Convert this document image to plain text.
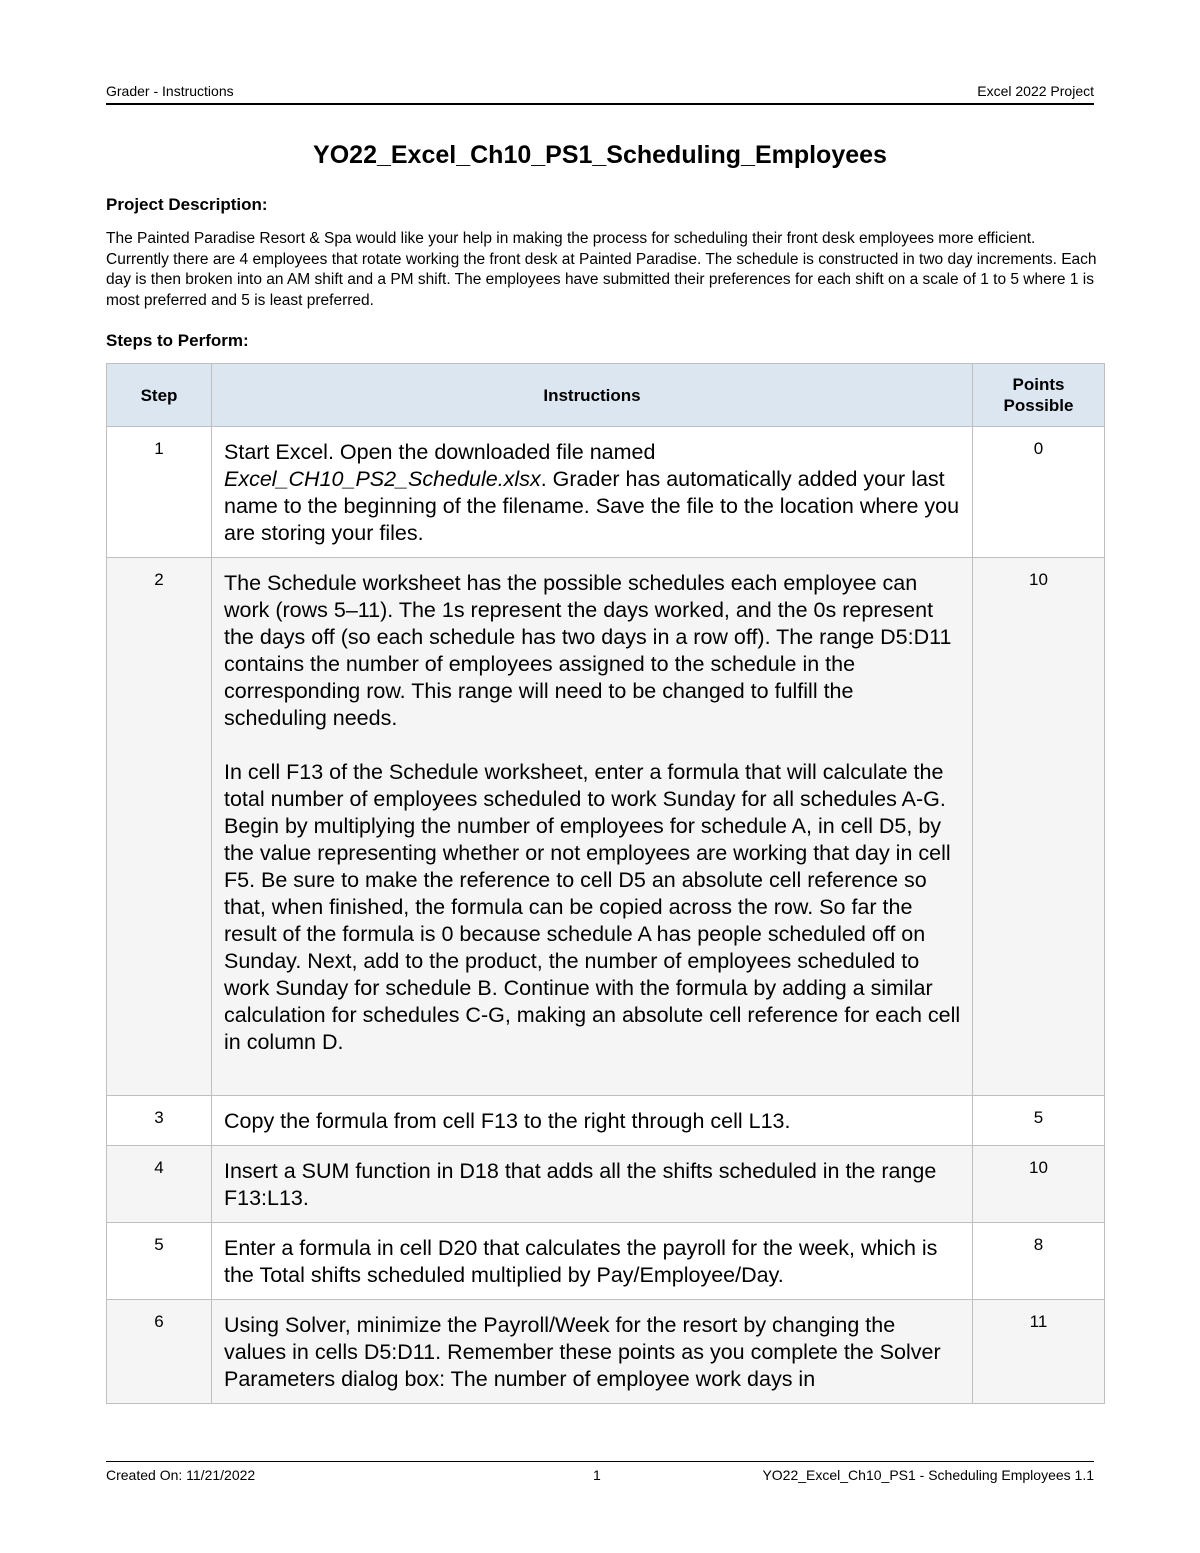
Grader - Instructions	Excel 2022 Project
YO22_Excel_Ch10_PS1_Scheduling_Employees
Project Description:
The Painted Paradise Resort & Spa would like your help in making the process for scheduling their front desk employees more efficient. Currently there are 4 employees that rotate working the front desk at Painted Paradise. The schedule is constructed in two day increments. Each day is then broken into an AM shift and a PM shift. The employees have submitted their preferences for each shift on a scale of 1 to 5 where 1 is most preferred and 5 is least preferred.
Steps to Perform:
Step	Instructions	Points Possible

1	Start Excel. Open the downloaded file named Excel_CH10_PS2_Schedule.xlsx. Grader has automatically added your last name to the beginning of the filename. Save the file to the location where you are storing your files.	0
2	The Schedule worksheet has the possible schedules each employee can work (rows 5–11). The 1s represent the days worked, and the 0s represent the days off (so each schedule has two days in a row off). The range D5:D11 contains the number of employees assigned to the schedule in the corresponding row. This range will need to be changed to fulfill the scheduling needs.
In cell F13 of the Schedule worksheet, enter a formula that will calculate the total number of employees scheduled to work Sunday for all schedules A-G. Begin by multiplying the number of employees for schedule A, in cell D5, by the value representing whether or not employees are working that day in cell F5. Be sure to make the reference to cell D5 an absolute cell reference so that, when finished, the formula can be copied across the row. So far the result of the formula is 0 because schedule A has people scheduled off on Sunday. Next, add to the product, the number of employees scheduled to work Sunday for schedule B. Continue with the formula by adding a similar calculation for schedules C-G, making an absolute cell reference for each cell in column D.	10
3	Copy the formula from cell F13 to the right through cell L13.	5
4	Insert a SUM function in D18 that adds all the shifts scheduled in the range F13:L13.	10
5	Enter a formula in cell D20 that calculates the payroll for the week, which is the Total shifts scheduled multiplied by Pay/Employee/Day.	8
6	Using Solver, minimize the Payroll/Week for the resort by changing the values in cells D5:D11. Remember these points as you complete the Solver Parameters dialog box: The number of employee work days in	11
Created On: 11/21/2022	1	YO22_Excel_Ch10_PS1 - Scheduling Employees 1.1
